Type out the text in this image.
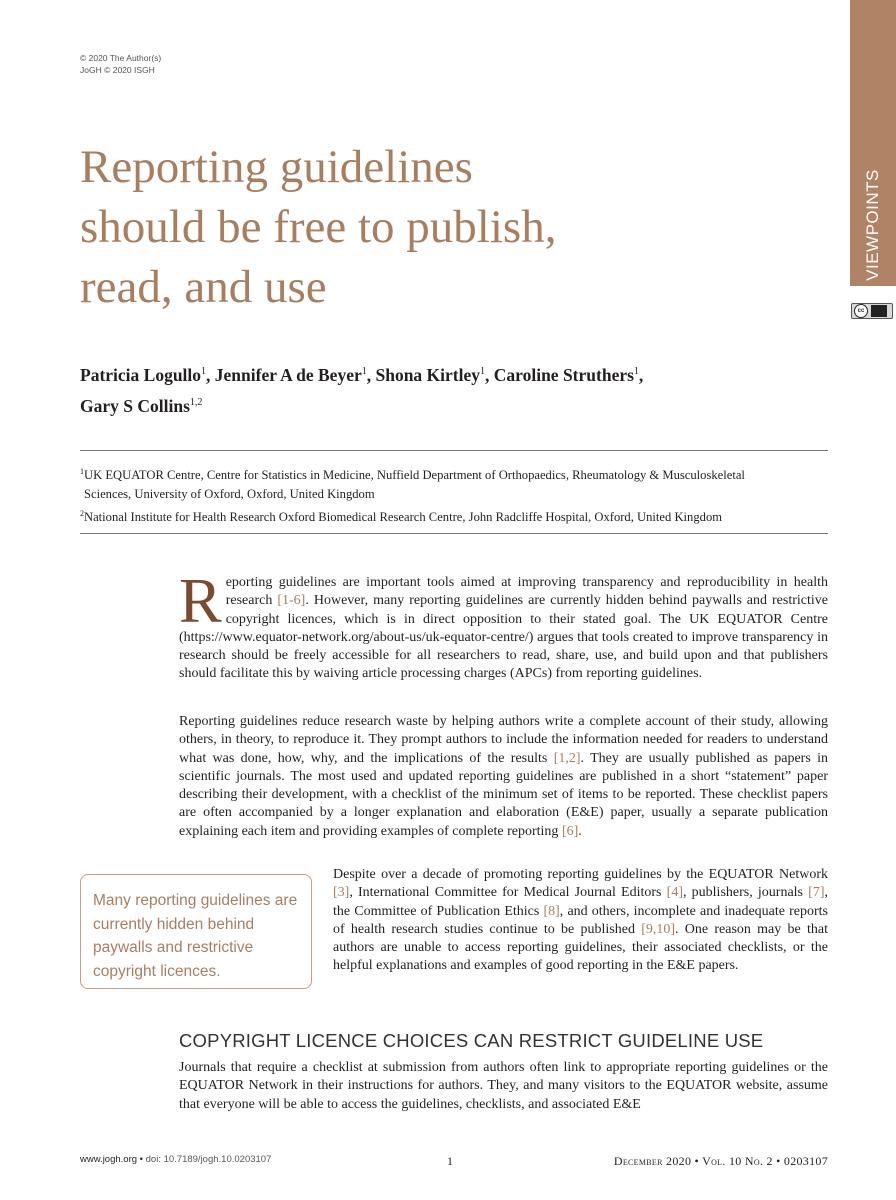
© 2020 The Author(s)
JoGH © 2020 ISGH
VIEWPOINTS
cc
Reporting guidelines
should be free to publish,
read, and use
Patricia Logullo$^1$, Jennifer A de Beyer$^1$, Shona Kirtley$^1$, Caroline Struthers$^1$,
Gary S Collins$^{1,2}$

$^1$UK EQUATOR Centre, Centre for Statistics in Medicine, Nuffield Department of Orthopaedics, Rheumatology & Musculoskeletal

Sciences, University of Oxford, Oxford, United Kingdom

$^2$National Institute for Health Research Oxford Biomedical Research Centre, John Radcliffe Hospital, Oxford, United Kingdom

Reporting guidelines are important tools aimed at improving transparency and reproducibility in health research [1-6]. However, many reporting guidelines are currently hidden behind paywalls and restrictive copyright licences, which is in direct opposition to their stated goal. The UK EQUATOR Centre (https://www.equator-network.org/about-us/uk-equator-centre/) argues that tools created to improve transparency in research should be freely accessible for all researchers to read, share, use, and build upon and that publishers should facilitate this by waiving article processing charges (APCs) from reporting guidelines.

Reporting guidelines reduce research waste by helping authors write a complete account of their study, allowing others, in theory, to reproduce it. They prompt authors to include the information needed for readers to understand what was done, how, why, and the implications of the results [1,2]. They are usually published as papers in scientific journals. The most used and updated reporting guidelines are published in a short “statement” paper describing their development, with a checklist of the minimum set of items to be reported. These checklist papers are often accompanied by a longer explanation and elaboration (E&E) paper, usually a separate publication explaining each item and providing examples of complete reporting [6].

Many reporting guidelines are currently hidden behind paywalls and restrictive copyright licences.

Despite over a decade of promoting reporting guidelines by the EQUATOR Network [3], International Committee for Medical Journal Editors [4], publishers, journals [7], the Committee of Publication Ethics [8], and others, incomplete and inadequate reports of health research studies continue to be published [9,10]. One reason may be that authors are unable to access reporting guidelines, their associated checklists, or the helpful explanations and examples of good reporting in the E&E papers.

COPYRIGHT LICENCE CHOICES CAN RESTRICT GUIDELINE USE

Journals that require a checklist at submission from authors often link to appropriate reporting guidelines or the EQUATOR Network in their instructions for authors. They, and many visitors to the EQUATOR website, assume that everyone will be able to access the guidelines, checklists, and associated E&E

www.jogh.org • doi: 10.7189/jogh.10.0203107	1	December 2020 • Vol. 10 No. 2 • 0203107
